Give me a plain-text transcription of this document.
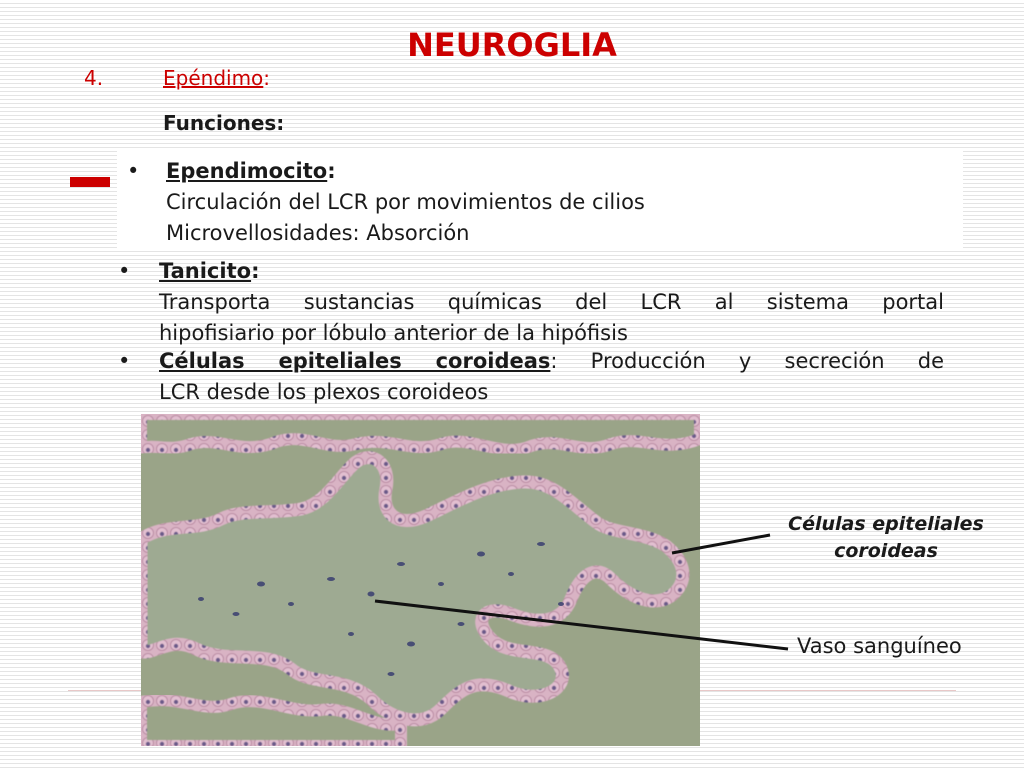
NEUROGLIA
4.	Epéndimo:
Funciones:
• Ependimocito:
Circulación del LCR por movimientos de cilios
Microvellosidades: Absorción
• Tanicito:
Transporta sustancias químicas del LCR al sistema portal
hipofisiario por lóbulo anterior de la hipófisis
• Células epiteliales coroideas: Producción y secreción de
LCR desde los plexos coroideos
Células epiteliales
coroideas
Vaso sanguíneo
